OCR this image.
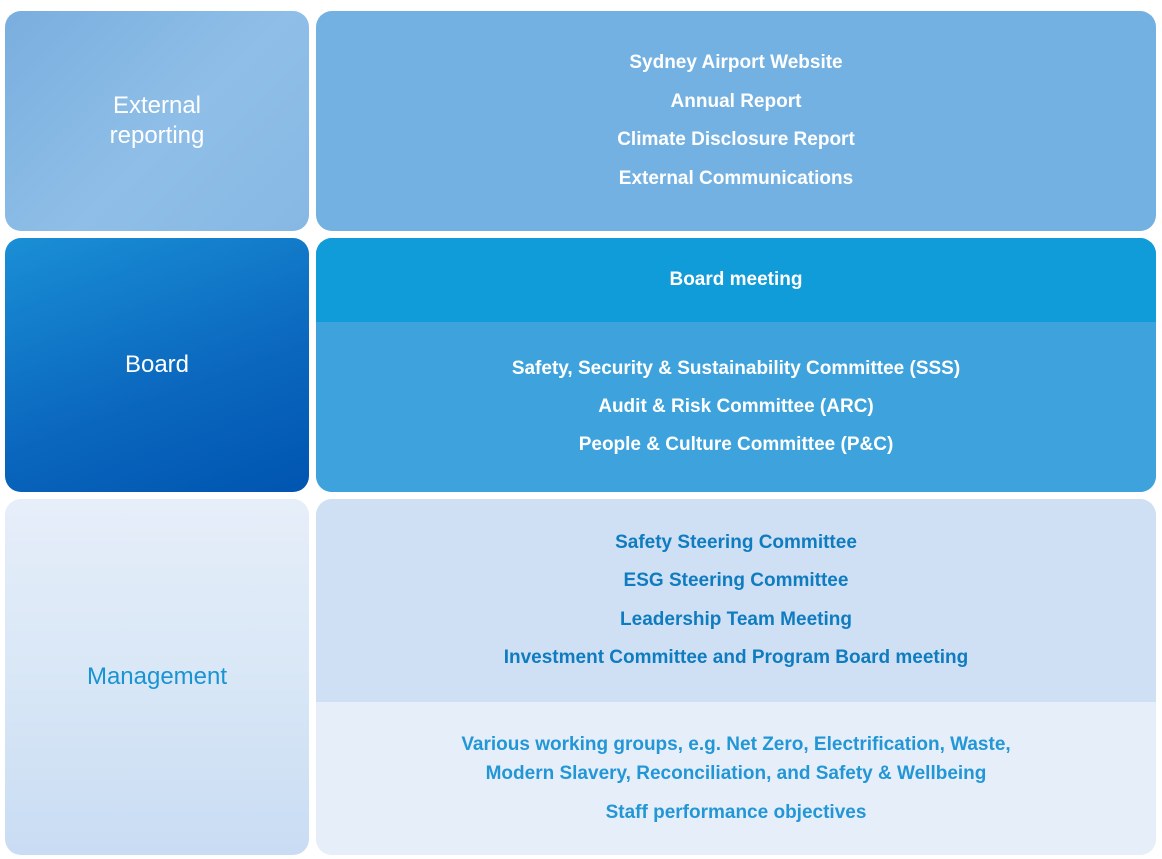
External
reporting

Sydney Airport Website

Annual Report

Climate Disclosure Report

External Communications

Board

Board meeting

Safety, Security & Sustainability Committee (SSS)

Audit & Risk Committee (ARC)

People & Culture Committee (P&C)

Management

Safety Steering Committee

ESG Steering Committee

Leadership Team Meeting

Investment Committee and Program Board meeting

Various working groups, e.g. Net Zero, Electrification, Waste,

Modern Slavery, Reconciliation, and Safety & Wellbeing

Staff performance objectives
